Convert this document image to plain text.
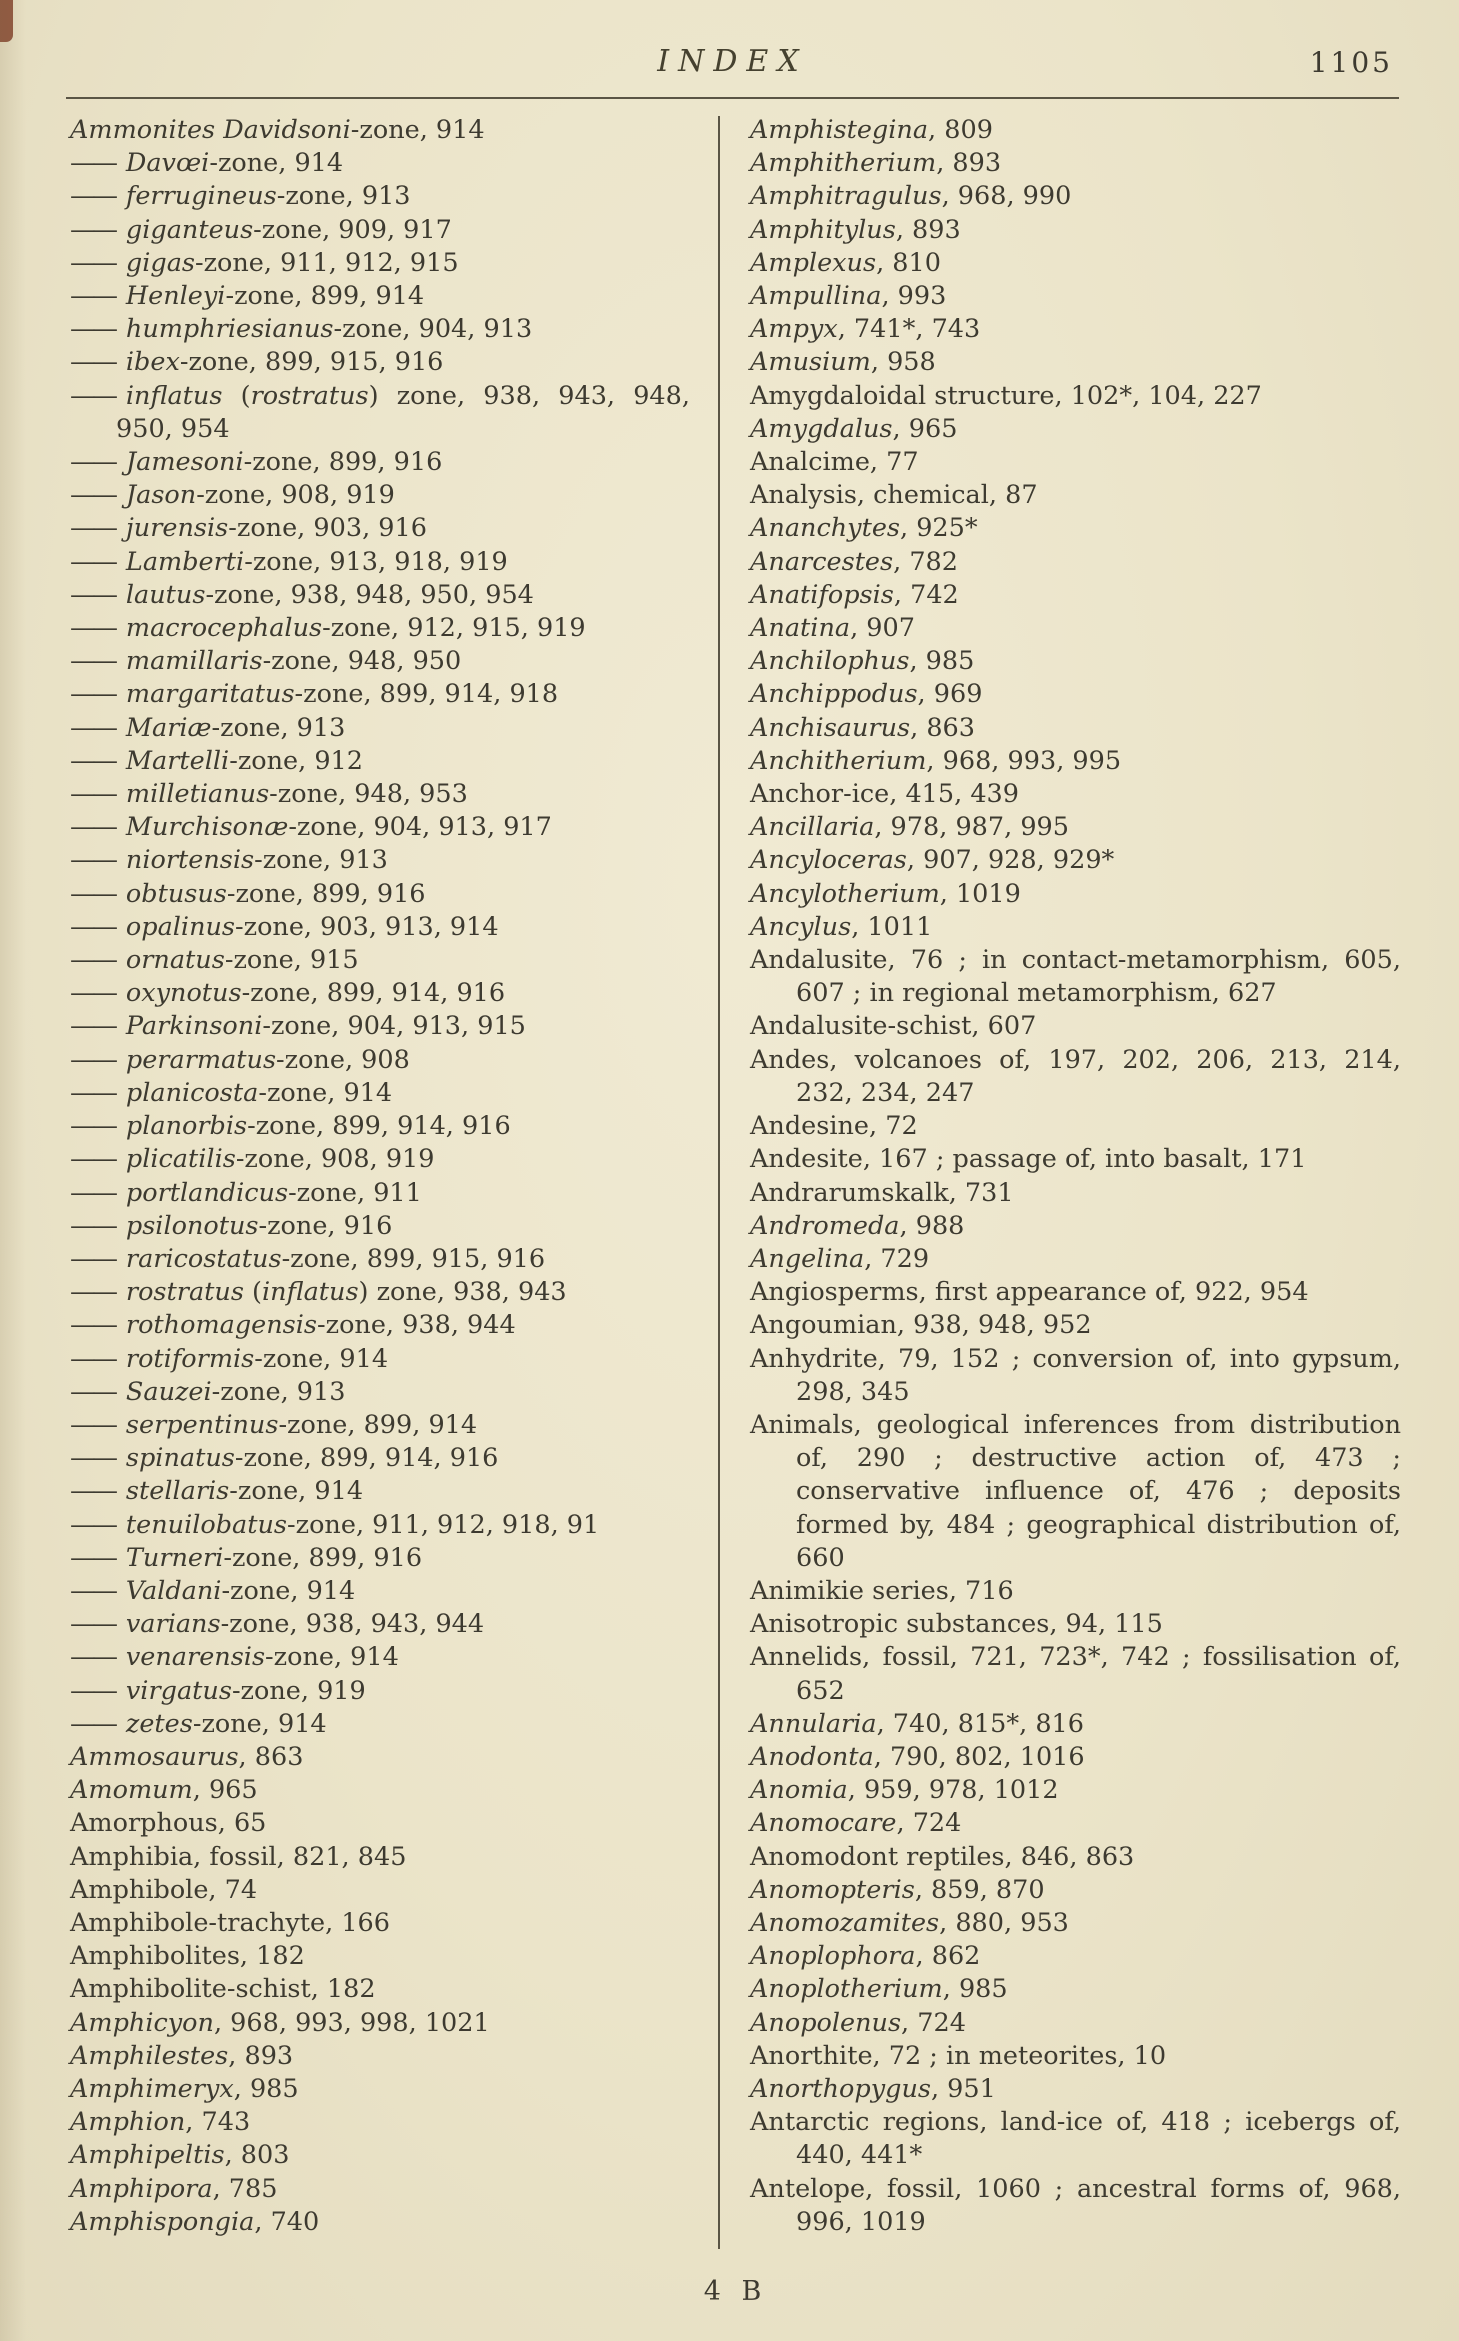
INDEX	1105
Ammonites Davidsoni-zone, 914
—— Davœi-zone, 914
—— ferrugineus-zone, 913
—— giganteus-zone, 909, 917
—— gigas-zone, 911, 912, 915
—— Henleyi-zone, 899, 914
—— humphriesianus-zone, 904, 913
—— ibex-zone, 899, 915, 916
—— inflatus (rostratus) zone, 938, 943, 948, 950, 954
—— Jamesoni-zone, 899, 916
—— Jason-zone, 908, 919
—— jurensis-zone, 903, 916
—— Lamberti-zone, 913, 918, 919
—— lautus-zone, 938, 948, 950, 954
—— macrocephalus-zone, 912, 915, 919
—— mamillaris-zone, 948, 950
—— margaritatus-zone, 899, 914, 918
—— Mariæ-zone, 913
—— Martelli-zone, 912
—— milletianus-zone, 948, 953
—— Murchisonæ-zone, 904, 913, 917
—— niortensis-zone, 913
—— obtusus-zone, 899, 916
—— opalinus-zone, 903, 913, 914
—— ornatus-zone, 915
—— oxynotus-zone, 899, 914, 916
—— Parkinsoni-zone, 904, 913, 915
—— perarmatus-zone, 908
—— planicosta-zone, 914
—— planorbis-zone, 899, 914, 916
—— plicatilis-zone, 908, 919
—— portlandicus-zone, 911
—— psilonotus-zone, 916
—— raricostatus-zone, 899, 915, 916
—— rostratus (inflatus) zone, 938, 943
—— rothomagensis-zone, 938, 944
—— rotiformis-zone, 914
—— Sauzei-zone, 913
—— serpentinus-zone, 899, 914
—— spinatus-zone, 899, 914, 916
—— stellaris-zone, 914
—— tenuilobatus-zone, 911, 912, 918, 91
—— Turneri-zone, 899, 916
—— Valdani-zone, 914
—— varians-zone, 938, 943, 944
—— venarensis-zone, 914
—— virgatus-zone, 919
—— zetes-zone, 914
Ammosaurus, 863
Amomum, 965
Amorphous, 65
Amphibia, fossil, 821, 845
Amphibole, 74
Amphibole-trachyte, 166
Amphibolites, 182
Amphibolite-schist, 182
Amphicyon, 968, 993, 998, 1021
Amphilestes, 893
Amphimeryx, 985
Amphion, 743
Amphipeltis, 803
Amphipora, 785
Amphispongia, 740
Amphistegina, 809
Amphitherium, 893
Amphitragulus, 968, 990
Amphitylus, 893
Amplexus, 810
Ampullina, 993
Ampyx, 741*, 743
Amusium, 958
Amygdaloidal structure, 102*, 104, 227
Amygdalus, 965
Analcime, 77
Analysis, chemical, 87
Ananchytes, 925*
Anarcestes, 782
Anatifopsis, 742
Anatina, 907
Anchilophus, 985
Anchippodus, 969
Anchisaurus, 863
Anchitherium, 968, 993, 995
Anchor-ice, 415, 439
Ancillaria, 978, 987, 995
Ancyloceras, 907, 928, 929*
Ancylotherium, 1019
Ancylus, 1011
Andalusite, 76 ; in contact-metamorphism, 605, 607 ; in regional metamorphism, 627
Andalusite-schist, 607
Andes, volcanoes of, 197, 202, 206, 213, 214, 232, 234, 247
Andesine, 72
Andesite, 167 ; passage of, into basalt, 171
Andrarumskalk, 731
Andromeda, 988
Angelina, 729
Angiosperms, first appearance of, 922, 954
Angoumian, 938, 948, 952
Anhydrite, 79, 152 ; conversion of, into gypsum, 298, 345
Animals, geological inferences from distribution of, 290 ; destructive action of, 473 ; conservative influence of, 476 ; deposits formed by, 484 ; geographical distribution of, 660
Animikie series, 716
Anisotropic substances, 94, 115
Annelids, fossil, 721, 723*, 742 ; fossilisation of, 652
Annularia, 740, 815*, 816
Anodonta, 790, 802, 1016
Anomia, 959, 978, 1012
Anomocare, 724
Anomodont reptiles, 846, 863
Anomopteris, 859, 870
Anomozamites, 880, 953
Anoplophora, 862
Anoplotherium, 985
Anopolenus, 724
Anorthite, 72 ; in meteorites, 10
Anorthopygus, 951
Antarctic regions, land-ice of, 418 ; icebergs of, 440, 441*
Antelope, fossil, 1060 ; ancestral forms of, 968, 996, 1019
4 B
